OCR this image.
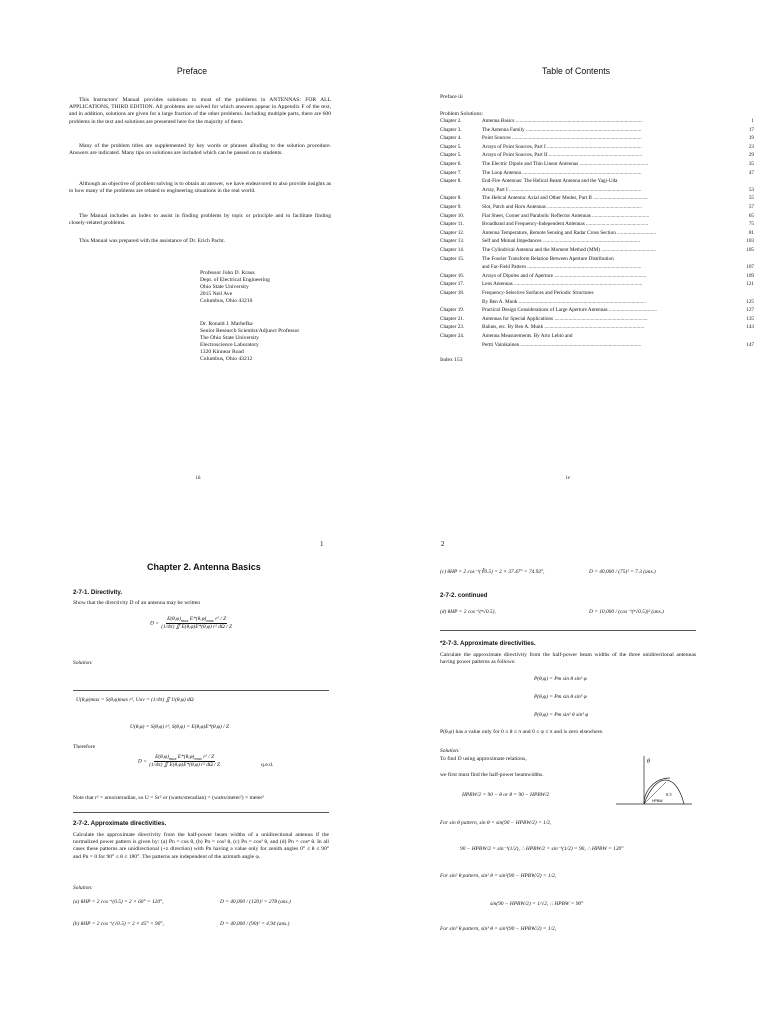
Preface
This Instructors' Manual provides solutions to most of the problems in ANTENNAS: FOR ALL APPLICATIONS, THIRD EDITION. All problems are solved for which answers appear in Appendix F of the text, and in addition, solutions are given for a large fraction of the other problems. Including multiple parts, there are 600 problems in the text and solutions are presented here for the majority of them.
Many of the problem titles are supplemented by key words or phrases alluding to the solution procedure. Answers are indicated. Many tips on solutions are included which can be passed on to students.
Although an objective of problem solving is to obtain an answer, we have endeavored to also provide insights as to how many of the problems are related to engineering situations in the real world.
The Manual includes an index to assist in finding problems by topic or principle and to facilitate finding closely-related problems.
This Manual was prepared with the assistance of Dr. Erich Pacht.
Professor John D. Kraus
Dept. of Electrical Engineering
Ohio State University
2015 Neil Ave
Columbus, Ohio 43210
Dr. Ronald J. Marhefka
Senior Research Scientist/Adjunct Professor
The Ohio State University
Electroscience Laboratory
1320 Kinnear Road
Columbus, Ohio 43212
iii
Table of Contents
Preface iii
Problem Solutions:
Index 153
iv
Chapter 2.	Antenna Basics ..................................................................................................	1
Chapter 3.	The Antenna Family .........................................................................................	17
Chapter 4.	Point Sources ....................................................................................................	19
Chapter 5.	Arrays of Point Sources, Part I .........................................................................	23
Chapter 5.	Arrays of Point Sources, Part II ........................................................................	29
Chapter 6.	The Electric Dipole and Thin Linear Antennas .....................................................	35
Chapter 7.	The Loop Antenna ............................................................................................	47
Chapter 8.	End-Fire Antennas: The Helical Beam Antenna and the Yagi-Uda
Array, Part I ......................................................................................................	53
Chapter 8.	The Helical Antenna: Axial and Other Modes, Part II ..........................................	55
Chapter 9.	Slot, Patch and Horn Antennas .........................................................................	57
Chapter 10.	Flat Sheet, Corner and Parabolic Reflector Antennas ............................................	65
Chapter 11.	Broadband and Frequency-Independent Antennas ................................................	75
Chapter 12.	Antenna Temperature, Remote Sensing and Radar Cross Section ..............................	81
Chapter 13.	Self and Mutual Impedances ...........................................................................	103
Chapter 14.	The Cylindrical Antenna and the Moment Method (MM) ..........................................	105
Chapter 15.	The Fourier Transform Relation Between Aperture Distribution
and Far-Field Pattern ........................................................................................	107
Chapter 16.	Arrays of Dipoles and of Aperture .......................................................................	109
Chapter 17.	Lens Antennas ...................................................................................................	121
Chapter 18.	Frequency-Selective Surfaces and Periodic Structures
By Ben A. Munk ..................................................................................................	125
Chapter 19.	Practical Design Considerations of Large Aperture Antennas .....................................	127
Chapter 21.	Antennas for Special Applications ........................................................................	135
Chapter 23.	Baluns, etc. By Ben A. Munk .............................................................................	143
Chapter 24.	Antenna Measurements. By Arto Lehto and
Pertti Vainikainen .............................................................................................	147
1
Chapter 2. Antenna Basics
2-7-1. Directivity.
Show that the directivity D of an antenna may be written
$D = \frac{E(\theta,\varphi)_{max} E*(\theta,\varphi)_{max} r^2 / Z}{\text{(1/4π) ∬ E(θ,φ)E*(θ,φ) r² dΩ / Z}}$
Solution:
U(θ,φ)max = S(θ,φ)max r², Uav = (1/4π) ∬ U(θ,φ) dΩ
U(θ,φ) = S(θ,φ) r², S(θ,φ) = E(θ,φ)E*(θ,φ) / Z
Therefore
$D = \frac{E(\theta,\varphi)_{max} E*(\theta,\varphi)_{max} r^2 / Z}{\text{(1/4π) ∬ E(θ,φ)E*(θ,φ) r² dΩ / Z}}$	q.e.d.
Note that r² = area/steradian, so U = Sr² or (watts/steradian) = (watts/meter²) × meter²
2-7-2. Approximate directivities.
Calculate the approximate directivity from the half-power beam widths of a unidirectional antenna if the normalized power pattern is given by: (a) Pn = cos θ, (b) Pn = cos² θ, (c) Pn = cos³ θ, and (d) Pn = cosⁿ θ. In all cases these patterns are unidirectional (+z direction) with Pn having a value only for zenith angles 0° ≤ θ ≤ 90° and Pn = 0 for 90° ≤ θ ≤ 180°. The patterns are independent of the azimuth angle φ.
Solution:
(a) θHP = 2 cos⁻¹(0.5) = 2 × 60° = 120°,	D = 40,000 / (120)² = 278 (ans.)
(b) θHP = 2 cos⁻¹(√0.5) = 2 × 45° = 90°,	D = 40,000 / (90)² = 4.94 (ans.)
2
(c) θHP = 2 cos⁻¹(∛0.5) = 2 × 37.47° = 74.93°,	D = 40,000 / (75)² = 7.3 (ans.)
2-7-2. continued
(d) θHP = 2 cos⁻¹(ⁿ√0.5),	D = 10,000 / (cos⁻¹(ⁿ√0.5))² (ans.)
*2-7-3. Approximate directivities.
Calculate the approximate directivity from the half-power beam widths of the three unidirectional antennas having power patterns as follows:
P(θ,φ) = Pm sin θ sin² φ
P(θ,φ) = Pm sin θ sin³ φ
P(θ,φ) = Pm sin² θ sin³ φ
P(θ,φ) has a value only for 0 ≤ θ ≤ π and 0 ≤ φ ≤ π and is zero elsewhere.
Solution:
To find D using approximate relations,
we first must find the half-power beamwidths.
θ
0.5
HPBW
HPBW/2 = 90 − θ or θ = 90 − HPBW/2
For sin θ pattern, sin θ = sin(90 − HPBW/2) = 1/2,
90 − HPBW/2 = sin⁻¹(1/2), ∴ HPBW/2 = sin⁻¹(1/2) = 90, ∴ HPBW = 120°
For sin² θ pattern, sin² θ = sin²(90 − HPBW/2) = 1/2,
sin(90 − HPBW/2) = 1/√2, ∴ HPBW = 90°
For sin³ θ pattern, sin³ θ = sin³(90 − HPBW/2) = 1/2,
